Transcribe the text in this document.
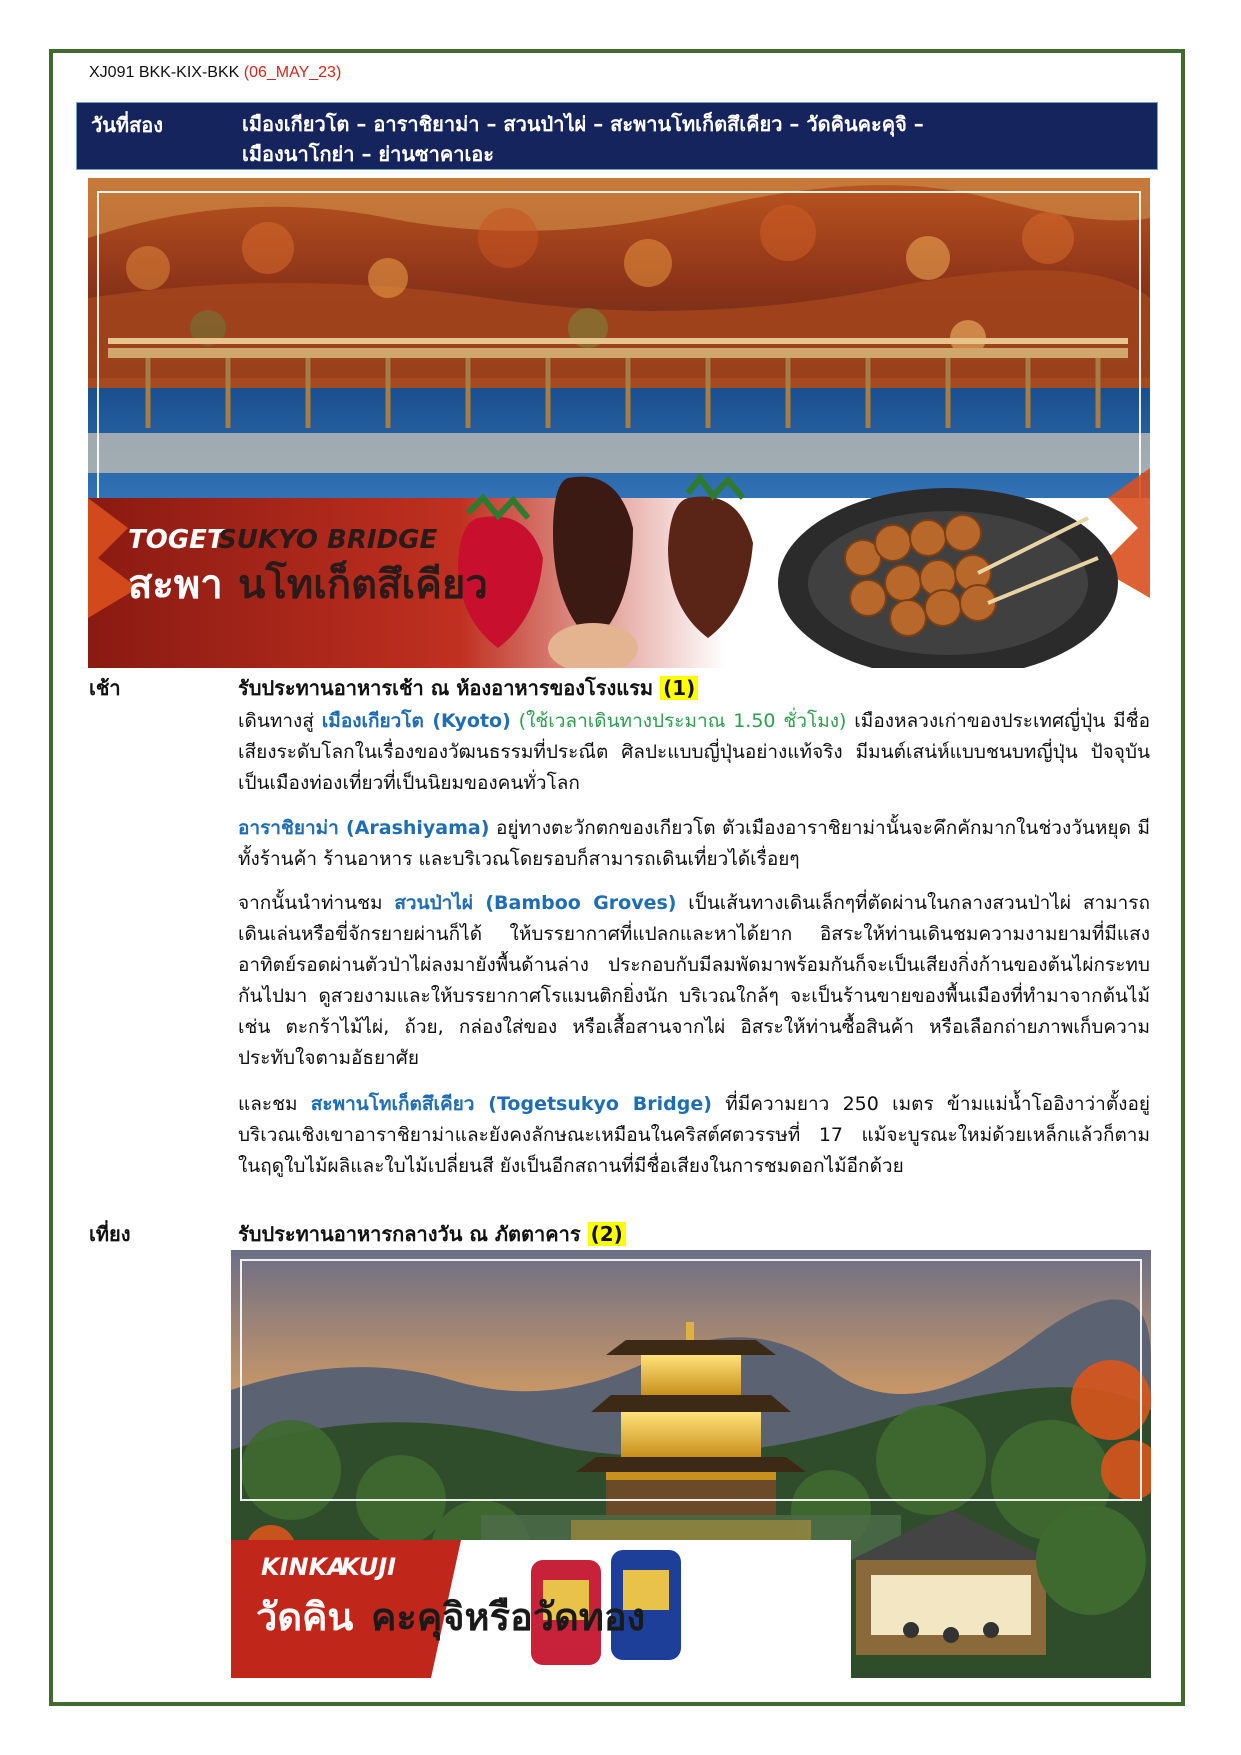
XJ091 BKK-KIX-BKK (06_MAY_23)
วันที่สอง	เมืองเกียวโต – อาราชิยาม่า – สวนป่าไผ่ – สะพานโทเก็ตสึเคียว – วัดคินคะคุจิ –
เมืองนาโกย่า – ย่านซาคาเอะ
TOGET
SUKYO BRIDGE
สะพา นโทเก็ตสึเคียว
เช้า	รับประทานอาหารเช้า ณ ห้องอาหารของโรงแรม (1)

เดินทางสู่ เมืองเกียวโต (Kyoto) (ใช้เวลาเดินทางประมาณ 1.50 ชั่วโมง) เมืองหลวงเก่าของประเทศญี่ปุ่น มีชื่อเสียงระดับโลกในเรื่องของวัฒนธรรมที่ประณีต ศิลปะแบบญี่ปุ่นอย่างแท้จริง มีมนต์เสน่ห์แบบชนบทญี่ปุ่น ปัจจุบันเป็นเมืองท่องเที่ยวที่เป็นนิยมของคนทั่วโลก

อาราชิยาม่า (Arashiyama) อยู่ทางตะวักตกของเกียวโต ตัวเมืองอาราชิยาม่านั้นจะคึกคักมากในช่วงวันหยุด มีทั้งร้านค้า ร้านอาหาร และบริเวณโดยรอบก็สามารถเดินเที่ยวได้เรื่อยๆ

จากนั้นนำท่านชม สวนป่าไผ่ (Bamboo Groves) เป็นเส้นทางเดินเล็กๆที่ตัดผ่านในกลางสวนป่าไผ่ สามารถเดินเล่นหรือขี่จักรยายผ่านก็ได้ ให้บรรยากาศที่แปลกและหาได้ยาก อิสระให้ท่านเดินชมความงามยามที่มีแสงอาทิตย์รอดผ่านตัวป่าไผ่ลงมายังพื้นด้านล่าง ประกอบกับมีลมพัดมาพร้อมกันก็จะเป็นเสียงกิ่งก้านของต้นไผ่กระทบกันไปมา ดูสวยงามและให้บรรยากาศโรแมนติกยิ่งนัก บริเวณใกล้ๆ จะเป็นร้านขายของพื้นเมืองที่ทำมาจากต้นไม้ เช่น ตะกร้าไม้ไผ่, ถ้วย, กล่องใส่ของ หรือเสื้อสานจากไผ่ อิสระให้ท่านซื้อสินค้า หรือเลือกถ่ายภาพเก็บความประทับใจตามอัธยาศัย

และชม สะพานโทเก็ตสึเคียว (Togetsukyo Bridge) ที่มีความยาว 250 เมตร ข้ามแม่น้ำโออิงาว่าตั้งอยู่บริเวณเชิงเขาอาราชิยาม่าและยังคงลักษณะเหมือนในคริสต์ศตวรรษที่ 17 แม้จะบูรณะใหม่ด้วยเหล็กแล้วก็ตาม ในฤดูใบไม้ผลิและใบไม้เปลี่ยนสี ยังเป็นอีกสถานที่มีชื่อเสียงในการชมดอกไม้อีกด้วย

เที่ยง	รับประทานอาหารกลางวัน ณ ภัตตาคาร (2)
KINKA
KUJI
วัดคิน คะคุจิหรือวัดทอง
